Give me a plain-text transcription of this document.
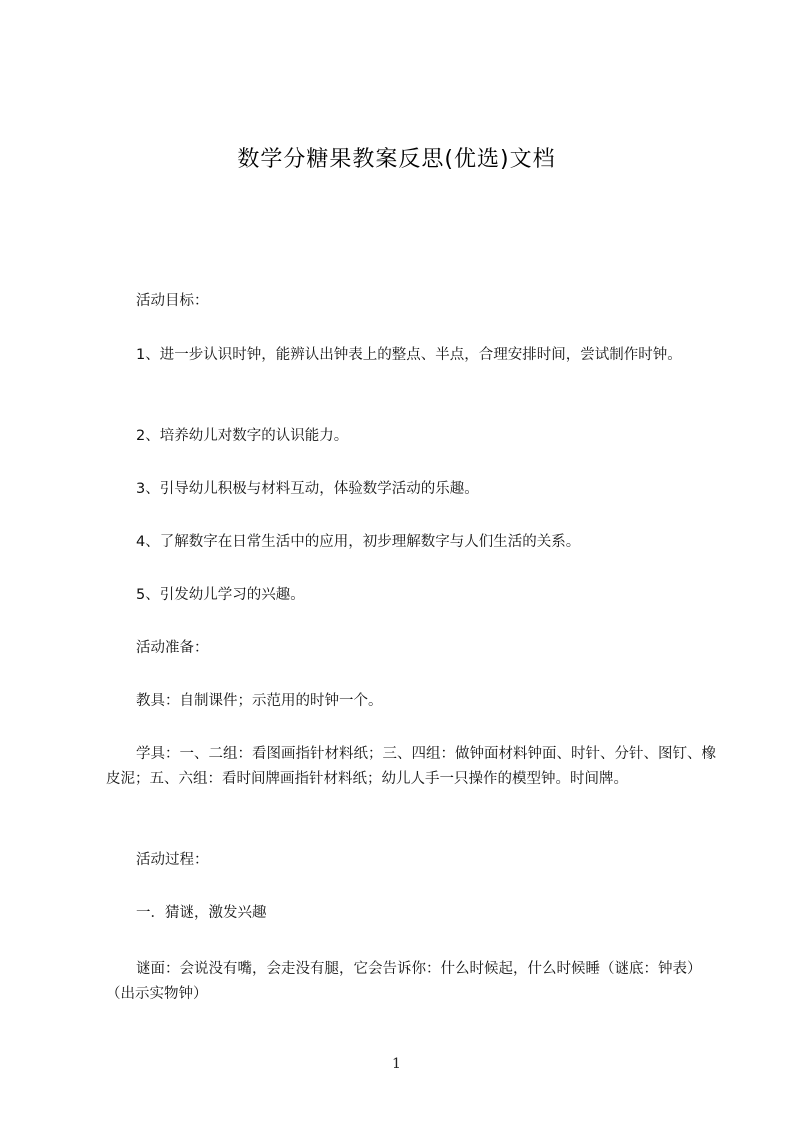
数学分糖果教案反思(优选)文档

活动目标：

1、进一步认识时钟，能辨认出钟表上的整点、半点，合理安排时间，尝试制作时钟。

2、培养幼儿对数字的认识能力。

3、引导幼儿积极与材料互动，体验数学活动的乐趣。

4、了解数字在日常生活中的应用，初步理解数字与人们生活的关系。

5、引发幼儿学习的兴趣。

活动准备：

教具：自制课件；示范用的时钟一个。

学具：一、二组：看图画指针材料纸；三、四组：做钟面材料钟面、时针、分针、图钉、橡皮泥；五、六组：看时间牌画指针材料纸；幼儿人手一只操作的模型钟。时间牌。

活动过程：

一．猜谜，激发兴趣

谜面：会说没有嘴，会走没有腿，它会告诉你：什么时候起，什么时候睡（谜底：钟表）（出示实物钟）

1
